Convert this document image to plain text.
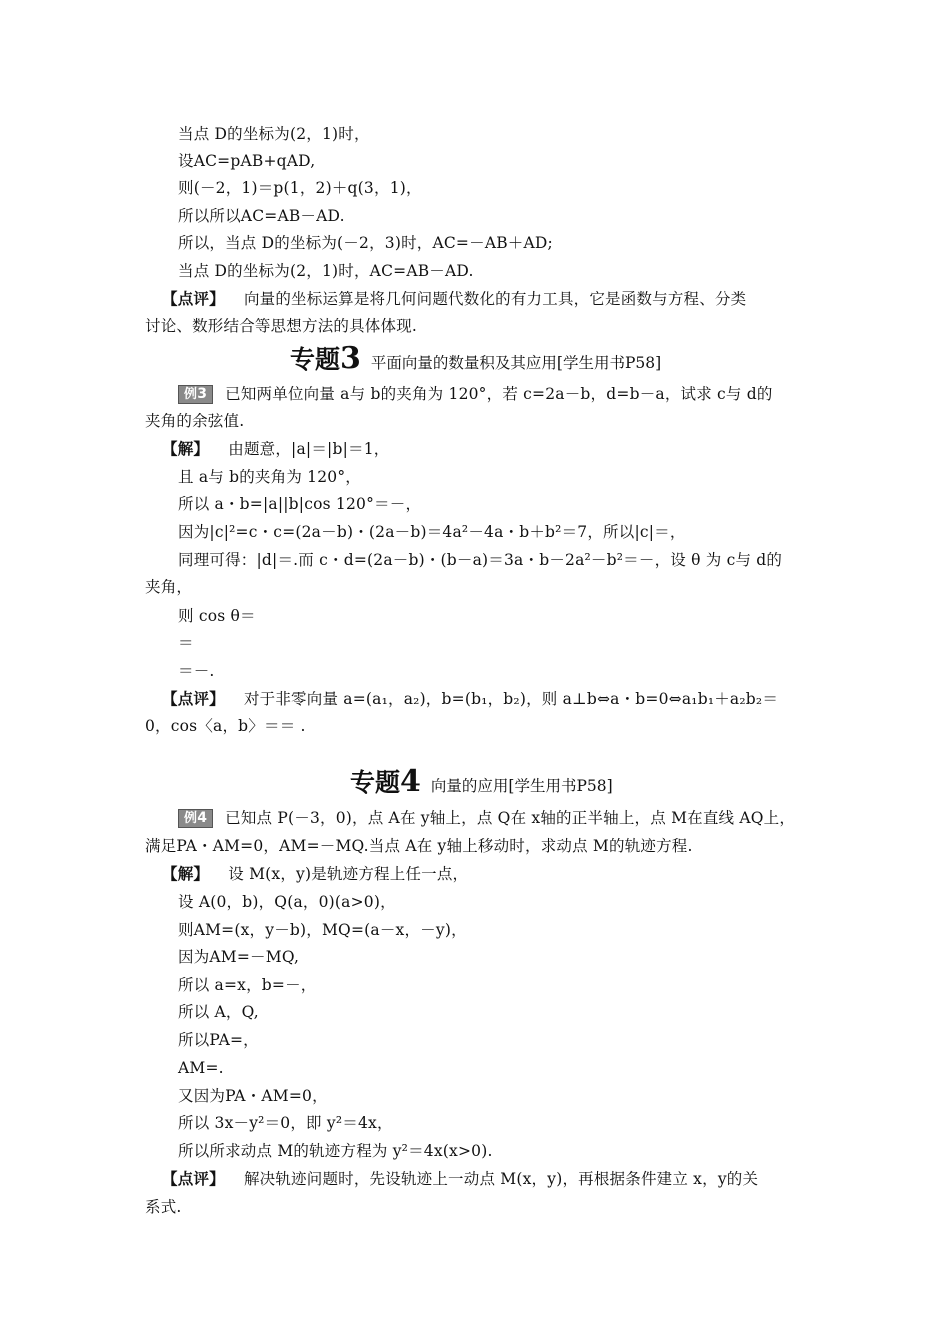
当点 D的坐标为(2，1)时，
设AC=pAB+qAD,
则(－2，1)＝p(1，2)＋q(3，1)，
所以所以AC=AB－AD.
所以，当点 D的坐标为(－2，3)时，AC=－AB＋AD;
当点 D的坐标为(2，1)时，AC=AB－AD.
【点评】 向量的坐标运算是将几何问题代数化的有力工具，它是函数与方程、分类
讨论、数形结合等思想方法的具体体现.
专题3 平面向量的数量积及其应用[学生用书P58]
例3 已知两单位向量 a与 b的夹角为 120°，若 c=2a－b，d=b－a，试求 c与 d的
夹角的余弦值.
【解】 由题意，|a|＝|b|＝1，
且 a与 b的夹角为 120°，
所以 a・b=|a||b|cos 120°＝－，
因为|c|²=c・c=(2a－b)・(2a－b)＝4a²－4a・b＋b²＝7，所以|c|＝，
同理可得：|d|＝.而 c・d=(2a－b)・(b－a)＝3a・b－2a²－b²＝－，设 θ 为 c与 d的
夹角，
则 cos θ＝
＝
＝－.
【点评】 对于非零向量 a=(a₁，a₂)，b=(b₁，b₂)，则 a⊥b⇔a・b=0⇔a₁b₁＋a₂b₂＝
0，cos〈a，b〉＝＝ .
专题4 向量的应用[学生用书P58]
例4 已知点 P(－3，0)，点 A在 y轴上，点 Q在 x轴的正半轴上，点 M在直线 AQ上，
满足PA・AM=0，AM=－MQ.当点 A在 y轴上移动时，求动点 M的轨迹方程.
【解】 设 M(x，y)是轨迹方程上任一点，
设 A(0，b)，Q(a，0)(a>0)，
则AM=(x，y－b)，MQ=(a－x，－y)，
因为AM=－MQ,
所以 a=x，b=－，
所以 A，Q,
所以PA=，
AM=.
又因为PA・AM=0，
所以 3x－y²＝0，即 y²＝4x，
所以所求动点 M的轨迹方程为 y²＝4x(x>0).
【点评】 解决轨迹问题时，先设轨迹上一动点 M(x，y)，再根据条件建立 x，y的关
系式.
